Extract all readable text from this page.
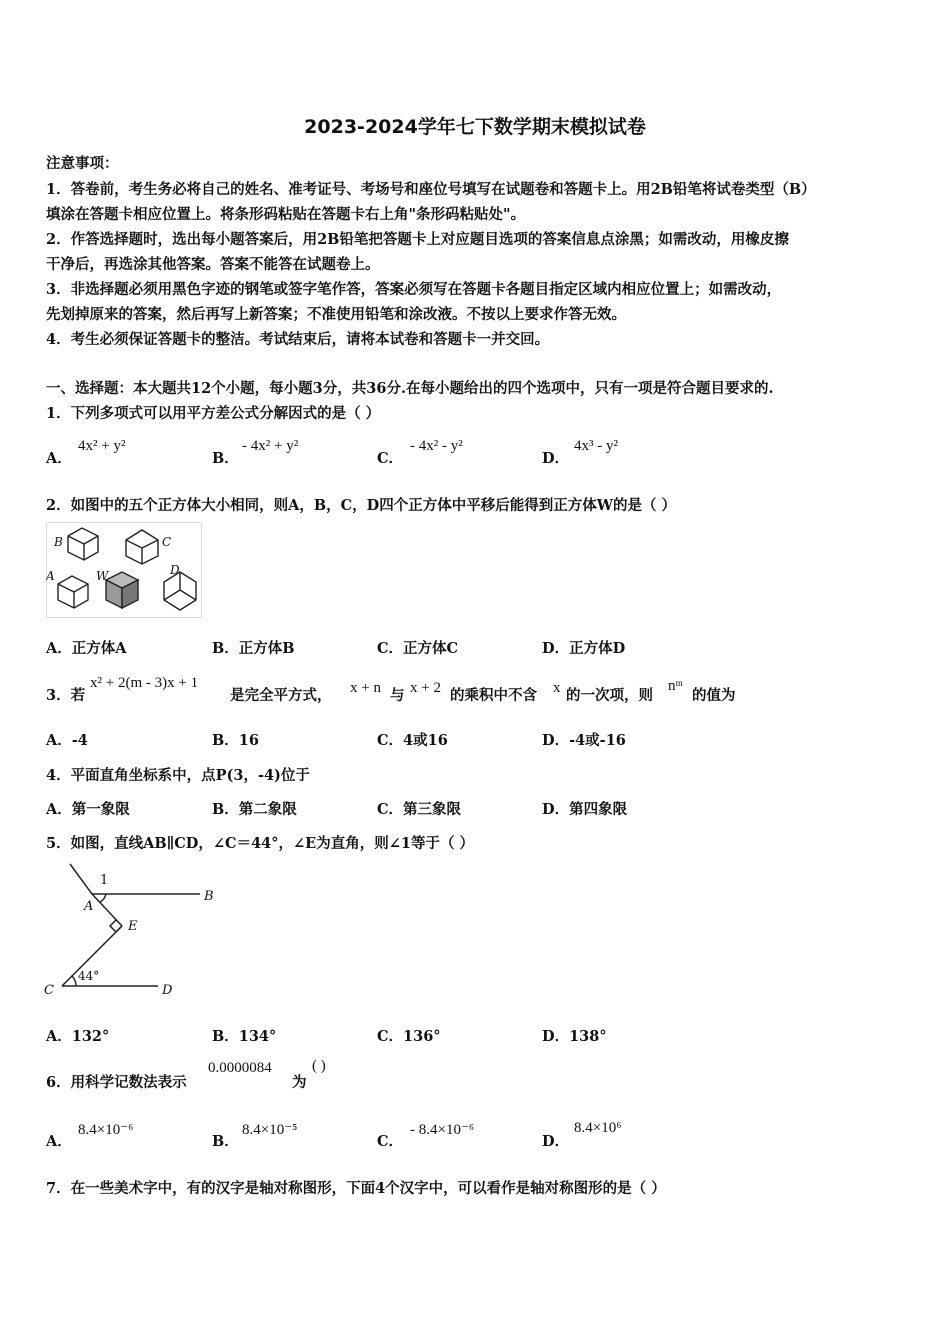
2023-2024学年七下数学期末模拟试卷
注意事项：
1．答卷前，考生务必将自己的姓名、准考证号、考场号和座位号填写在试题卷和答题卡上。用2B铅笔将试卷类型（B）
填涂在答题卡相应位置上。将条形码粘贴在答题卡右上角"条形码粘贴处"。
2．作答选择题时，选出每小题答案后，用2B铅笔把答题卡上对应题目选项的答案信息点涂黑；如需改动，用橡皮擦
干净后，再选涂其他答案。答案不能答在试题卷上。
3．非选择题必须用黑色字迹的钢笔或签字笔作答，答案必须写在答题卡各题目指定区域内相应位置上；如需改动，
先划掉原来的答案，然后再写上新答案；不准使用铅笔和涂改液。不按以上要求作答无效。
4．考生必须保证答题卡的整洁。考试结束后，请将本试卷和答题卡一并交回。
一、选择题：本大题共12个小题，每小题3分，共36分.在每小题给出的四个选项中，只有一项是符合题目要求的.
1．下列多项式可以用平方差公式分解因式的是（ ）
A．
4x² + y²
B．
- 4x² + y²
C．
- 4x² - y²
D．
4x³ - y²
2．如图中的五个正方体大小相同，则A，B，C，D四个正方体中平移后能得到正方体W的是（ ）
B	C
A	W	D
A．正方体A	B．正方体B	C．正方体C	D．正方体D
3．若
x² + 2(m - 3)x + 1
是完全平方式， x + n 与 x + 2 的乘积中不含 x 的一次项，则
nᵐ
的值为
A．-4	B．16	C．4或16	D．-4或-16
4．平面直角坐标系中，点P(3，-4)位于
A．第一象限	B．第二象限	C．第三象限	D．第四象限
5．如图，直线AB∥CD，∠C＝44°，∠E为直角，则∠1等于（ ）
1
A
B
E
C	D
44°
A．132°	B．134°	C．136°	D．138°
6．用科学记数法表示
0.0000084
为
( )
A．
8.4×10⁻⁶
B．
8.4×10⁻⁵
C．
- 8.4×10⁻⁶
D．
8.4×10⁶
7．在一些美术字中，有的汉字是轴对称图形，下面4个汉字中，可以看作是轴对称图形的是（ ）
